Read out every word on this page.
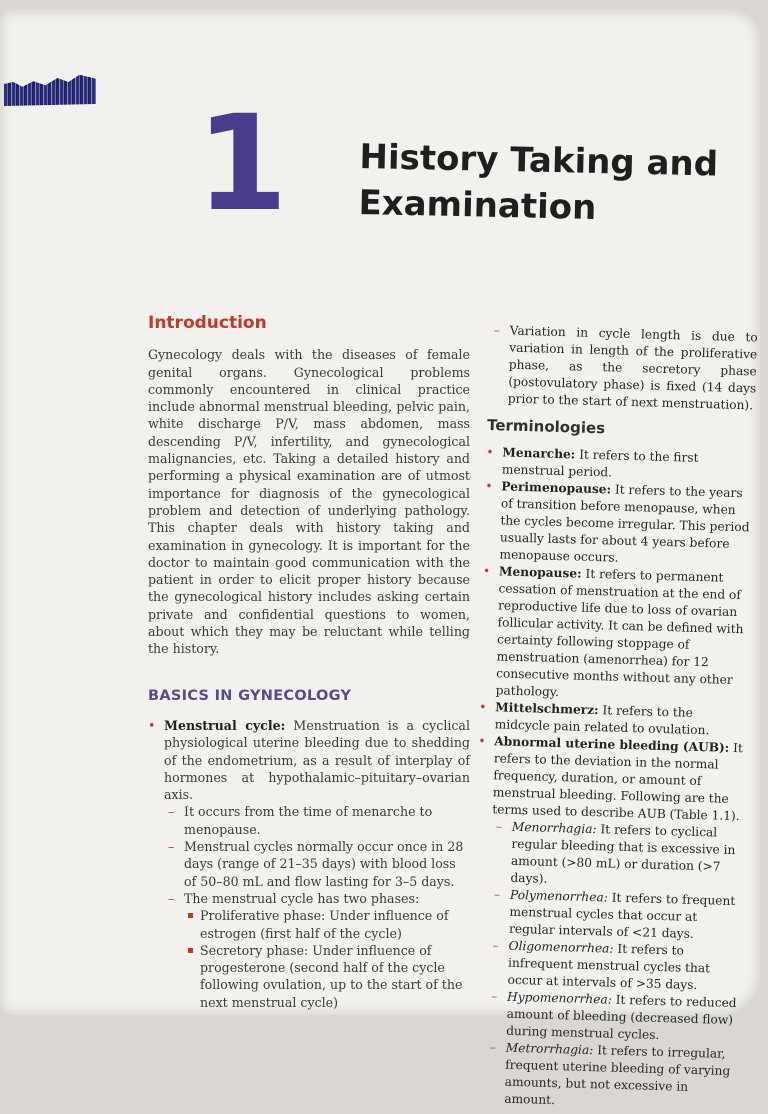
1 History Taking and
Examination
Introduction

Gynecology deals with the diseases of female genital organs. Gynecological problems commonly encountered in clinical practice include abnormal menstrual bleeding, pelvic pain, white discharge P/V, mass abdomen, mass descending P/V, infertility, and gynecological malignancies, etc. Taking a detailed history and performing a physical examination are of utmost importance for diagnosis of the gynecological problem and detection of underlying pathology. This chapter deals with history taking and examination in gynecology. It is important for the doctor to maintain good communication with the patient in order to elicit proper history because the gynecological history includes asking certain private and confidential questions to women, about which they may be reluctant while telling the history.

BASICS IN GYNECOLOGY

• Menstrual cycle: Menstruation is a cyclical physiological uterine bleeding due to shedding of the endometrium, as a result of interplay of hormones at hypothalamic–pituitary–ovarian axis.

– It occurs from the time of menarche to menopause.
– Menstrual cycles normally occur once in 28 days (range of 21–35 days) with blood loss of 50–80 mL and flow lasting for 3–5 days.
– The menstrual cycle has two phases:
Proliferative phase: Under influence of estrogen (first half of the cycle)
Secretory phase: Under influence of progesterone (second half of the cycle following ovulation, up to the start of the next menstrual cycle)

– Variation in cycle length is due to variation in length of the proliferative phase, as the secretory phase (postovulatory phase) is fixed (14 days prior to the start of next menstruation).

Terminologies
• Menarche: It refers to the first menstrual period.
• Perimenopause: It refers to the years of transition before menopause, when the cycles become irregular. This period usually lasts for about 4 years before menopause occurs.
• Menopause: It refers to permanent cessation of menstruation at the end of reproductive life due to loss of ovarian follicular activity. It can be defined with certainty following stoppage of menstruation (amenorrhea) for 12 consecutive months without any other pathology.
• Mittelschmerz: It refers to the midcycle pain related to ovulation.
• Abnormal uterine bleeding (AUB): It refers to the deviation in the normal frequency, duration, or amount of menstrual bleeding. Following are the terms used to describe AUB (Table 1.1).
– Menorrhagia: It refers to cyclical regular bleeding that is excessive in amount (>80 mL) or duration (>7 days).
– Polymenorrhea: It refers to frequent menstrual cycles that occur at regular intervals of <21 days.
– Oligomenorrhea: It refers to infrequent menstrual cycles that occur at intervals of >35 days.
– Hypomenorrhea: It refers to reduced amount of bleeding (decreased flow) during menstrual cycles.
– Metrorrhagia: It refers to irregular, frequent uterine bleeding of varying amounts, but not excessive in amount.
